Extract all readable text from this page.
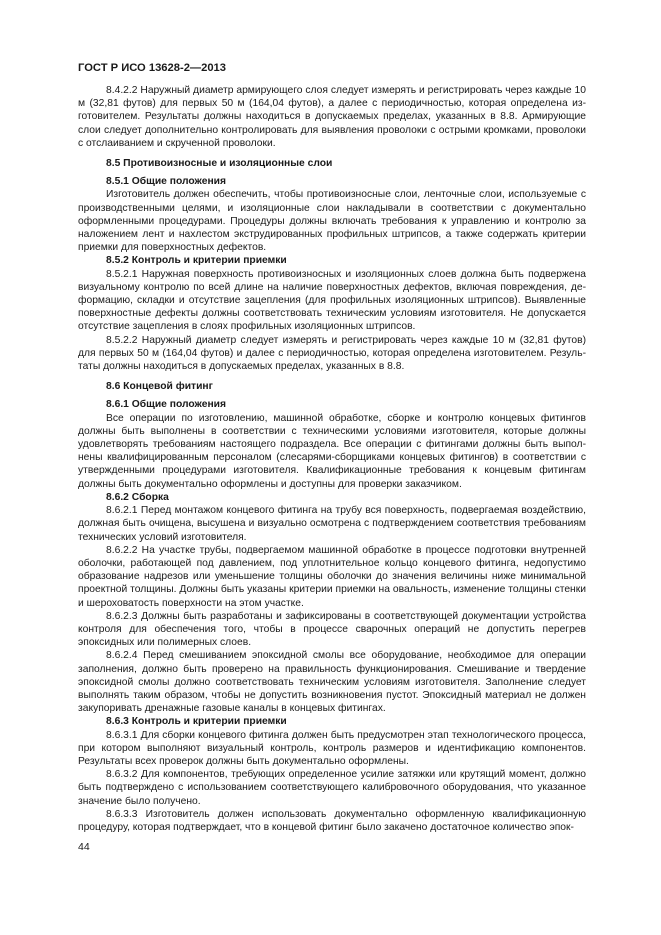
ГОСТ Р ИСО 13628-2—2013

8.4.2.2 Наружный диаметр армирующего слоя следует измерять и регистрировать через каждые 10 м (32,81 футов) для первых 50 м (164,04 футов), а далее с периодичностью, которая определена изготовителем. Результаты должны находиться в допускаемых пределах, указанных в 8.8. Армирующие слои следует дополнительно контролировать для выявления проволоки с острыми кромками, проволоки с отслаиванием и скрученной проволоки.

8.5 Противоизносные и изоляционные слои

8.5.1 Общие положения

Изготовитель должен обеспечить, чтобы противоизносные слои, ленточные слои, используемые с производственными целями, и изоляционные слои накладывали в соответствии с документально оформленными процедурами. Процедуры должны включать требования к управлению и контролю за наложением лент и нахлестом экструдированных профильных штрипсов, а также содержать критерии приемки для поверхностных дефектов.

8.5.2 Контроль и критерии приемки

8.5.2.1 Наружная поверхность противоизносных и изоляционных слоев должна быть подвержена визуальному контролю по всей длине на наличие поверхностных дефектов, включая повреждения, деформацию, складки и отсутствие зацепления (для профильных изоляционных штрипсов). Выявленные поверхностные дефекты должны соответствовать техническим условиям изготовителя. Не допускается отсутствие зацепления в слоях профильных изоляционных штрипсов.

8.5.2.2 Наружный диаметр следует измерять и регистрировать через каждые 10 м (32,81 футов) для первых 50 м (164,04 футов) и далее с периодичностью, которая определена изготовителем. Результаты должны находиться в допускаемых пределах, указанных в 8.8.

8.6 Концевой фитинг

8.6.1 Общие положения

Все операции по изготовлению, машинной обработке, сборке и контролю концевых фитингов должны быть выполнены в соответствии с техническими условиями изготовителя, которые должны удовлетворять требованиям настоящего подраздела. Все операции с фитингами должны быть выполнены квалифицированным персоналом (слесарями-сборщиками концевых фитингов) в соответствии с утвержденными процедурами изготовителя. Квалификационные требования к концевым фитингам должны быть документально оформлены и доступны для проверки заказчиком.

8.6.2 Сборка

8.6.2.1 Перед монтажом концевого фитинга на трубу вся поверхность, подвергаемая воздействию, должная быть очищена, высушена и визуально осмотрена с подтверждением соответствия требованиям технических условий изготовителя.

8.6.2.2 На участке трубы, подвергаемом машинной обработке в процессе подготовки внутренней оболочки, работающей под давлением, под уплотнительное кольцо концевого фитинга, недопустимо образование надрезов или уменьшение толщины оболочки до значения величины ниже минимальной проектной толщины. Должны быть указаны критерии приемки на овальность, изменение толщины стенки и шероховатость поверхности на этом участке.

8.6.2.3 Должны быть разработаны и зафиксированы в соответствующей документации устройства контроля для обеспечения того, чтобы в процессе сварочных операций не допустить перегрев эпоксидных или полимерных слоев.

8.6.2.4 Перед смешиванием эпоксидной смолы все оборудование, необходимое для операции заполнения, должно быть проверено на правильность функционирования. Смешивание и твердение эпоксидной смолы должно соответствовать техническим условиям изготовителя. Заполнение следует выполнять таким образом, чтобы не допустить возникновения пустот. Эпоксидный материал не должен закупоривать дренажные газовые каналы в концевых фитингах.

8.6.3 Контроль и критерии приемки

8.6.3.1 Для сборки концевого фитинга должен быть предусмотрен этап технологического процесса, при котором выполняют визуальный контроль, контроль размеров и идентификацию компонентов. Результаты всех проверок должны быть документально оформлены.

8.6.3.2 Для компонентов, требующих определенное усилие затяжки или крутящий момент, должно быть подтверждено с использованием соответствующего калибровочного оборудования, что указанное значение было получено.

8.6.3.3 Изготовитель должен использовать документально оформленную квалификационную процедуру, которая подтверждает, что в концевой фитинг было закачено достаточное количество эпок-

44
